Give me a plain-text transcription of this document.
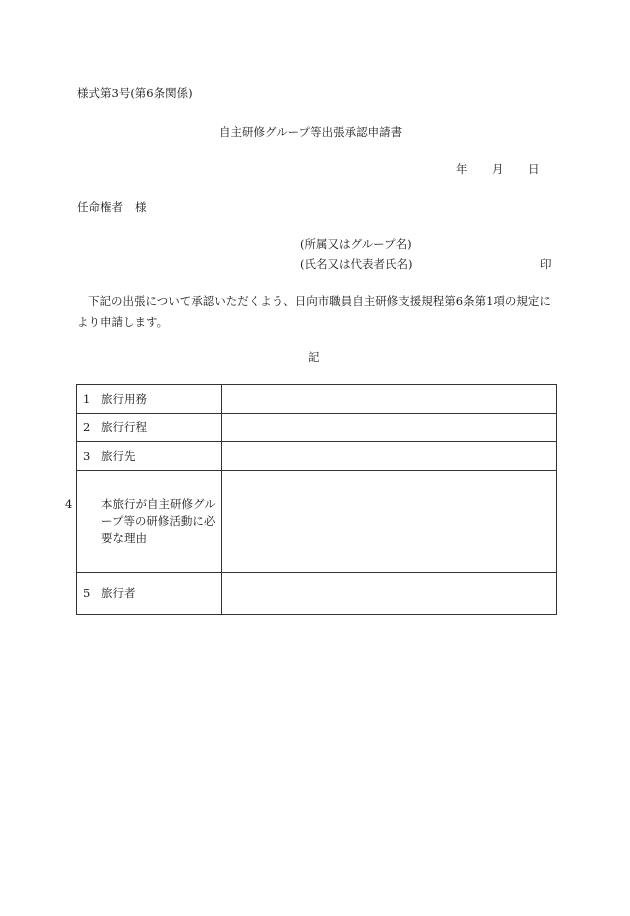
様式第3号(第6条関係)
自主研修グループ等出張承認申請書
年 月 日
任命権者 様
(所属又はグループ名)
(氏名又は代表者氏名)	印
下記の出張について承認いただくよう、日向市職員自主研修支援規程第6条第1項の規定により申請します。
記
1 旅行用務	
2 旅行行程	
3 旅行先	

4 本旅行が自主研修グループ等の研修活動に必要な理由	

5 旅行者	
